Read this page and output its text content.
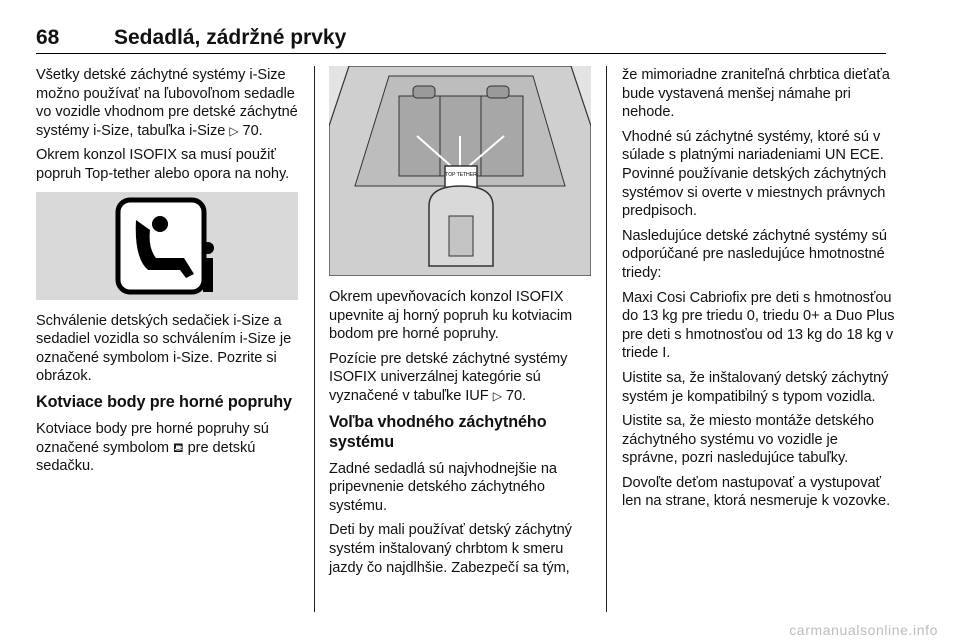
68	Sedadlá, zádržné prvky

Všetky detské záchytné systémy i-Size možno používať na ľubovoľnom sedadle vo vozidle vhodnom pre detské záchytné systémy i-Size, tabuľka i-Size ▷ 70.

Okrem konzol ISOFIX sa musí použiť popruh Top-tether alebo opora na nohy.

Schválenie detských sedačiek i-Size a sedadiel vozidla so schválením i-Size je označené symbolom i-Size. Pozrite si obrázok.

Kotviace body pre horné popruhy

Kotviace body pre horné popruhy sú označené symbolom ⛾ pre detskú sedačku.

TOP TETHER

Okrem upevňovacích konzol ISOFIX upevnite aj horný popruh ku kotviacim bodom pre horné popruhy.

Pozície pre detské záchytné systémy ISOFIX univerzálnej kategórie sú vyznačené v tabuľke IUF ▷ 70.

Voľba vhodného záchytného systému

Zadné sedadlá sú najvhodnejšie na pripevnenie detského záchytného systému.

Deti by mali používať detský záchytný systém inštalovaný chrbtom k smeru jazdy čo najdlhšie. Zabezpečí sa tým,

že mimoriadne zraniteľná chrbtica dieťaťa bude vystavená menšej námahe pri nehode.

Vhodné sú záchytné systémy, ktoré sú v súlade s platnými nariadeniami UN ECE. Povinné používanie detských záchytných systémov si overte v miestnych právnych predpisoch.

Nasledujúce detské záchytné systémy sú odporúčané pre nasledujúce hmotnostné triedy:

Maxi Cosi Cabriofix pre deti s hmotnosťou do 13 kg pre triedu 0, triedu 0+ a Duo Plus pre deti s hmotnosťou od 13 kg do 18 kg v triede I.

Uistite sa, že inštalovaný detský záchytný systém je kompatibilný s typom vozidla.

Uistite sa, že miesto montáže detského záchytného systému vo vozidle je správne, pozri nasledujúce tabuľky.

Dovoľte deťom nastupovať a vystupovať len na strane, ktorá nesmeruje k vozovke.

carmanualsonline.info
